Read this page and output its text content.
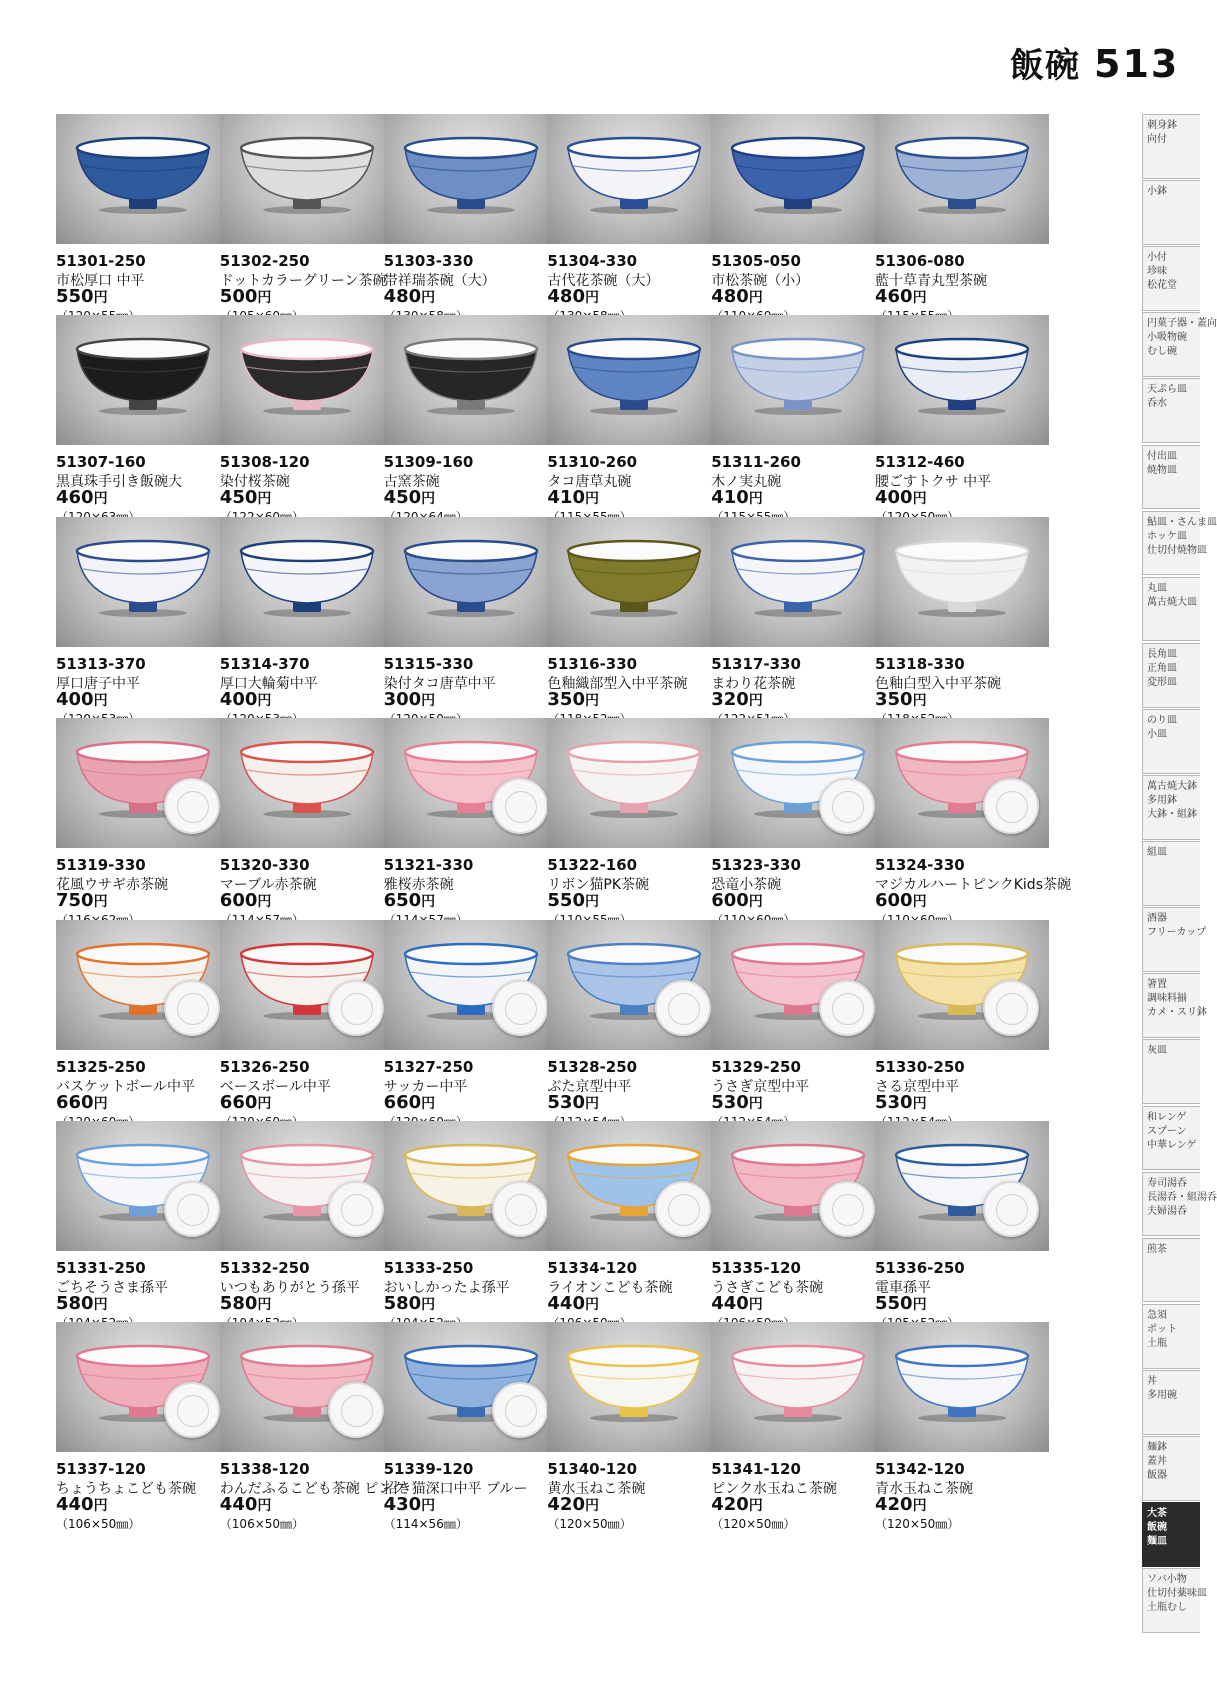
飯碗 513
51301-250
市松厚口 中平
550円
51302-250
ドットカラーグリーン茶碗
500円
51303-330
帯祥瑞茶碗（大）
480円
51304-330
古代花茶碗（大）
480円
51305-050
市松茶碗（小）
480円
51306-080
藍十草青丸型茶碗
460円
51307-160
黒真珠手引き飯碗大
460円
51308-120
染付桜茶碗
450円
51309-160
古窯茶碗
450円
51310-260
タコ唐草丸碗
410円
51311-260
木ノ実丸碗
410円
51312-460
腰ごすトクサ 中平
400円
51313-370
厚口唐子中平
400円
51314-370
厚口大輪菊中平
400円
51315-330
染付タコ唐草中平
300円
51316-330
色釉織部型入中平茶碗
350円
51317-330
まわり花茶碗
320円
51318-330
色釉白型入中平茶碗
350円
51319-330
花風ウサギ赤茶碗
750円
51320-330
マーブル赤茶碗
600円
51321-330
雅桜赤茶碗
650円
51322-160
リボン猫PK茶碗
550円
51323-330
恐竜小茶碗
600円
51324-330
マジカルハートピンクKids茶碗
600円
51325-250
バスケットボール中平
660円
51326-250
ベースボール中平
660円
51327-250
サッカー中平
660円
51328-250
ぶた京型中平
530円
51329-250
うさぎ京型中平
530円
51330-250
さる京型中平
530円
51331-250
ごちそうさま孫平
580円
51332-250
いつもありがとう孫平
580円
51333-250
おいしかったよ孫平
580円
51334-120
ライオンこども茶碗
440円
51335-120
うさぎこども茶碗
440円
51336-250
電車孫平
550円
51337-120
ちょうちょこども茶碗
440円
（106×50㎜）
51338-120
わんだふるこども茶碗 ピンク
440円
（106×50㎜）
51339-120
招き猫深口中平 ブルー
430円
（114×56㎜）
51340-120
黄水玉ねこ茶碗
420円
（120×50㎜）
51341-120
ピンク水玉ねこ茶碗
420円
（120×50㎜）
51342-120
青水玉ねこ茶碗
420円
（120×50㎜）
刺身鉢
向付
小鉢
小付
珍味
松花堂
円菓子器・蓋向
小吸物碗
むし碗
天ぷら皿
呑水
付出皿
焼物皿
鮎皿・さんま皿
ホッケ皿
仕切付焼物皿
丸皿
萬古焼大皿
長角皿
正角皿
変形皿
のり皿
小皿
萬古焼大鉢
多用鉢
大鉢・組鉢
組皿
酒器
フリーカップ
箸置
調味料揃
カメ・スリ鉢
灰皿
和レンゲ
スプーン
中華レンゲ
寿司湯呑
長湯呑・組湯呑
夫婦湯呑
煎茶
急須
ポット
土瓶
丼
多用碗
麺鉢
蓋丼
飯器
大茶
飯碗
麺皿
ソバ小物
仕切付薬味皿
土瓶むし
